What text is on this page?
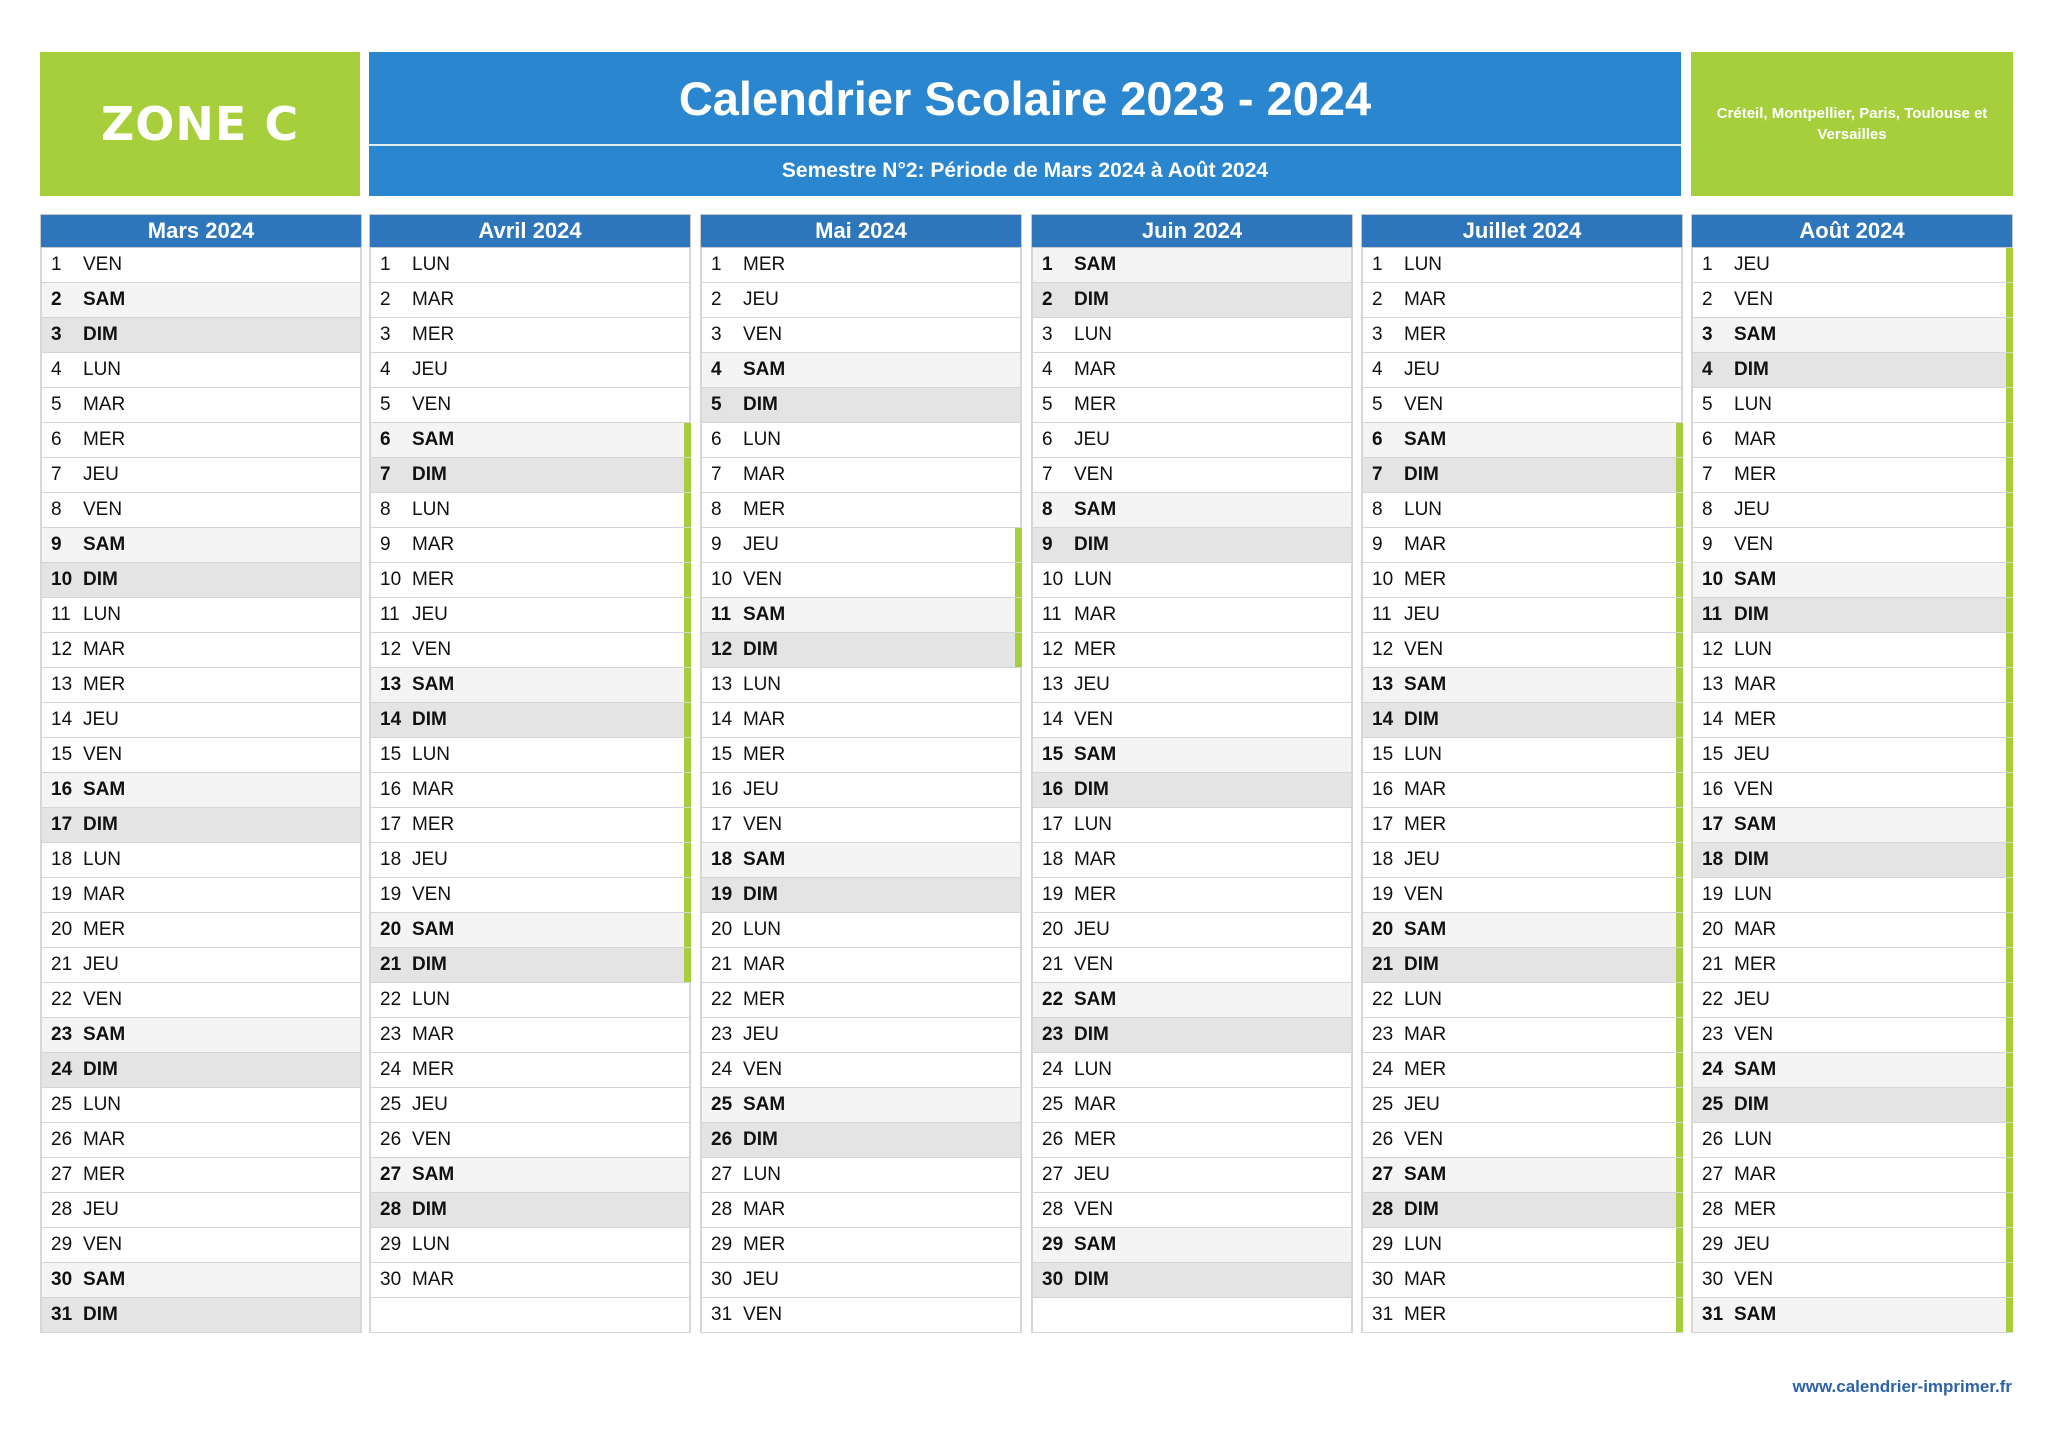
ZONE C	Calendrier Scolaire 2023 - 2024
Semestre N°2: Période de Mars 2024 à Août 2024
Créteil, Montpellier, Paris, Toulouse et Versailles
Mars 2024
1	VEN
2	SAM
3	DIM
4	LUN
5	MAR
6	MER
7	JEU
8	VEN
9	SAM
10 DIM
11 LUN
12 MAR
13 MER
14 JEU
15 VEN
16 SAM
17 DIM
18 LUN
19 MAR
20 MER
21 JEU
22 VEN
23 SAM
24 DIM
25 LUN
26 MAR
27 MER
28 JEU
29 VEN
30 SAM
31 DIM
Avril 2024
1	LUN
2	MAR
3	MER
4	JEU
5	VEN
6	SAM
7	DIM
8	LUN
9	MAR
10 MER
11 JEU
12 VEN
13 SAM
14 DIM
15 LUN
16 MAR
17 MER
18 JEU
19 VEN
20 SAM
21 DIM
22 LUN
23 MAR
24 MER
25 JEU
26 VEN
27 SAM
28 DIM
29 LUN
30 MAR
Mai 2024
1	MER
2	JEU
3	VEN
4	SAM
5	DIM
6	LUN
7	MAR
8	MER
9	JEU
10 VEN
11 SAM
12 DIM
13 LUN
14 MAR
15 MER
16 JEU
17 VEN
18 SAM
19 DIM
20 LUN
21 MAR
22 MER
23 JEU
24 VEN
25 SAM
26 DIM
27 LUN
28 MAR
29 MER
30 JEU
31 VEN
Juin 2024
1	SAM
2	DIM
3	LUN
4	MAR
5	MER
6	JEU
7	VEN
8	SAM
9	DIM
10 LUN
11 MAR
12 MER
13 JEU
14 VEN
15 SAM
16 DIM
17 LUN
18 MAR
19 MER
20 JEU
21 VEN
22 SAM
23 DIM
24 LUN
25 MAR
26 MER
27 JEU
28 VEN
29 SAM
30 DIM
Juillet 2024
1	LUN
2	MAR
3	MER
4	JEU
5	VEN
6	SAM
7	DIM
8	LUN
9	MAR
10 MER
11 JEU
12 VEN
13 SAM
14 DIM
15 LUN
16 MAR
17 MER
18 JEU
19 VEN
20 SAM
21 DIM
22 LUN
23 MAR
24 MER
25 JEU
26 VEN
27 SAM
28 DIM
29 LUN
30 MAR
31 MER
Août 2024
1	JEU
2	VEN
3	SAM
4	DIM
5	LUN
6	MAR
7	MER
8	JEU
9	VEN
10 SAM
11 DIM
12 LUN
13 MAR
14 MER
15 JEU
16 VEN
17 SAM
18 DIM
19 LUN
20 MAR
21 MER
22 JEU
23 VEN
24 SAM
25 DIM
26 LUN
27 MAR
28 MER
29 JEU
30 VEN
31 SAM
www.calendrier-imprimer.fr
